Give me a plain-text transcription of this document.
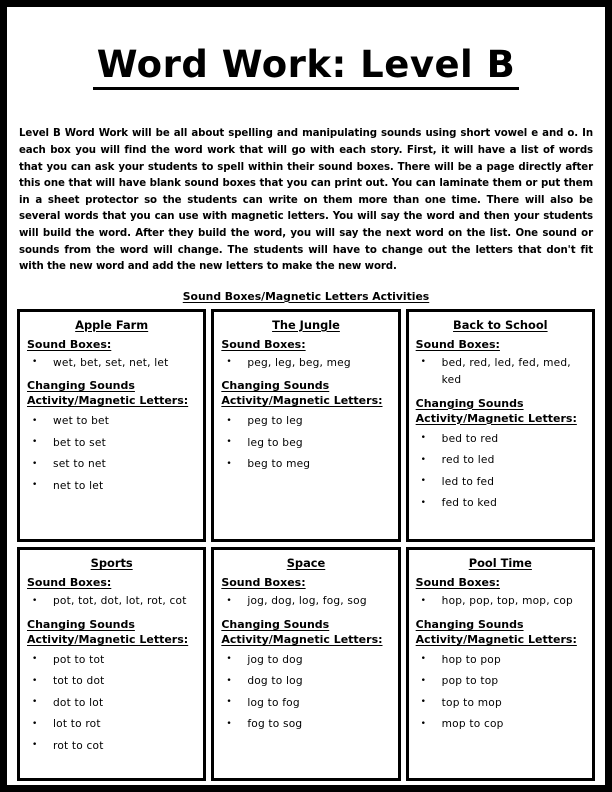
Word Work: Level B

Level B Word Work will be all about spelling and manipulating sounds using short vowel e and o. In each box you will find the word work that will go with each story. First, it will have a list of words that you can ask your students to spell within their sound boxes. There will be a page directly after this one that will have blank sound boxes that you can print out. You can laminate them or put them in a sheet protector so the students can write on them more than one time. There will also be several words that you can use with magnetic letters. You will say the word and then your students will build the word. After they build the word, you will say the next word on the list. One sound or sounds from the word will change. The students will have to change out the letters that don't fit with the new word and add the new letters to make the new word.

Sound Boxes/Magnetic Letters Activities
Apple Farm
Sound Boxes:
• wet, bet, set, net, let
Changing Sounds
Activity/Magnetic Letters:
• wet to bet
• bet to set
• set to net
• net to let
The Jungle
Sound Boxes:
• peg, leg, beg, meg
Changing Sounds
Activity/Magnetic Letters:
• peg to leg
• leg to beg
• beg to meg
Back to School
Sound Boxes:
• bed, red, led, fed, med, ked
Changing Sounds
Activity/Magnetic Letters:
• bed to red
• red to led
• led to fed
• fed to ked
Sports
Sound Boxes:
• pot, tot, dot, lot, rot, cot
Changing Sounds
Activity/Magnetic Letters:
• pot to tot
• tot to dot
• dot to lot
• lot to rot
• rot to cot
Space
Sound Boxes:
• jog, dog, log, fog, sog
Changing Sounds
Activity/Magnetic Letters:
• jog to dog
• dog to log
• log to fog
• fog to sog
Pool Time
Sound Boxes:
• hop, pop, top, mop, cop
Changing Sounds
Activity/Magnetic Letters:
• hop to pop
• pop to top
• top to mop
• mop to cop
